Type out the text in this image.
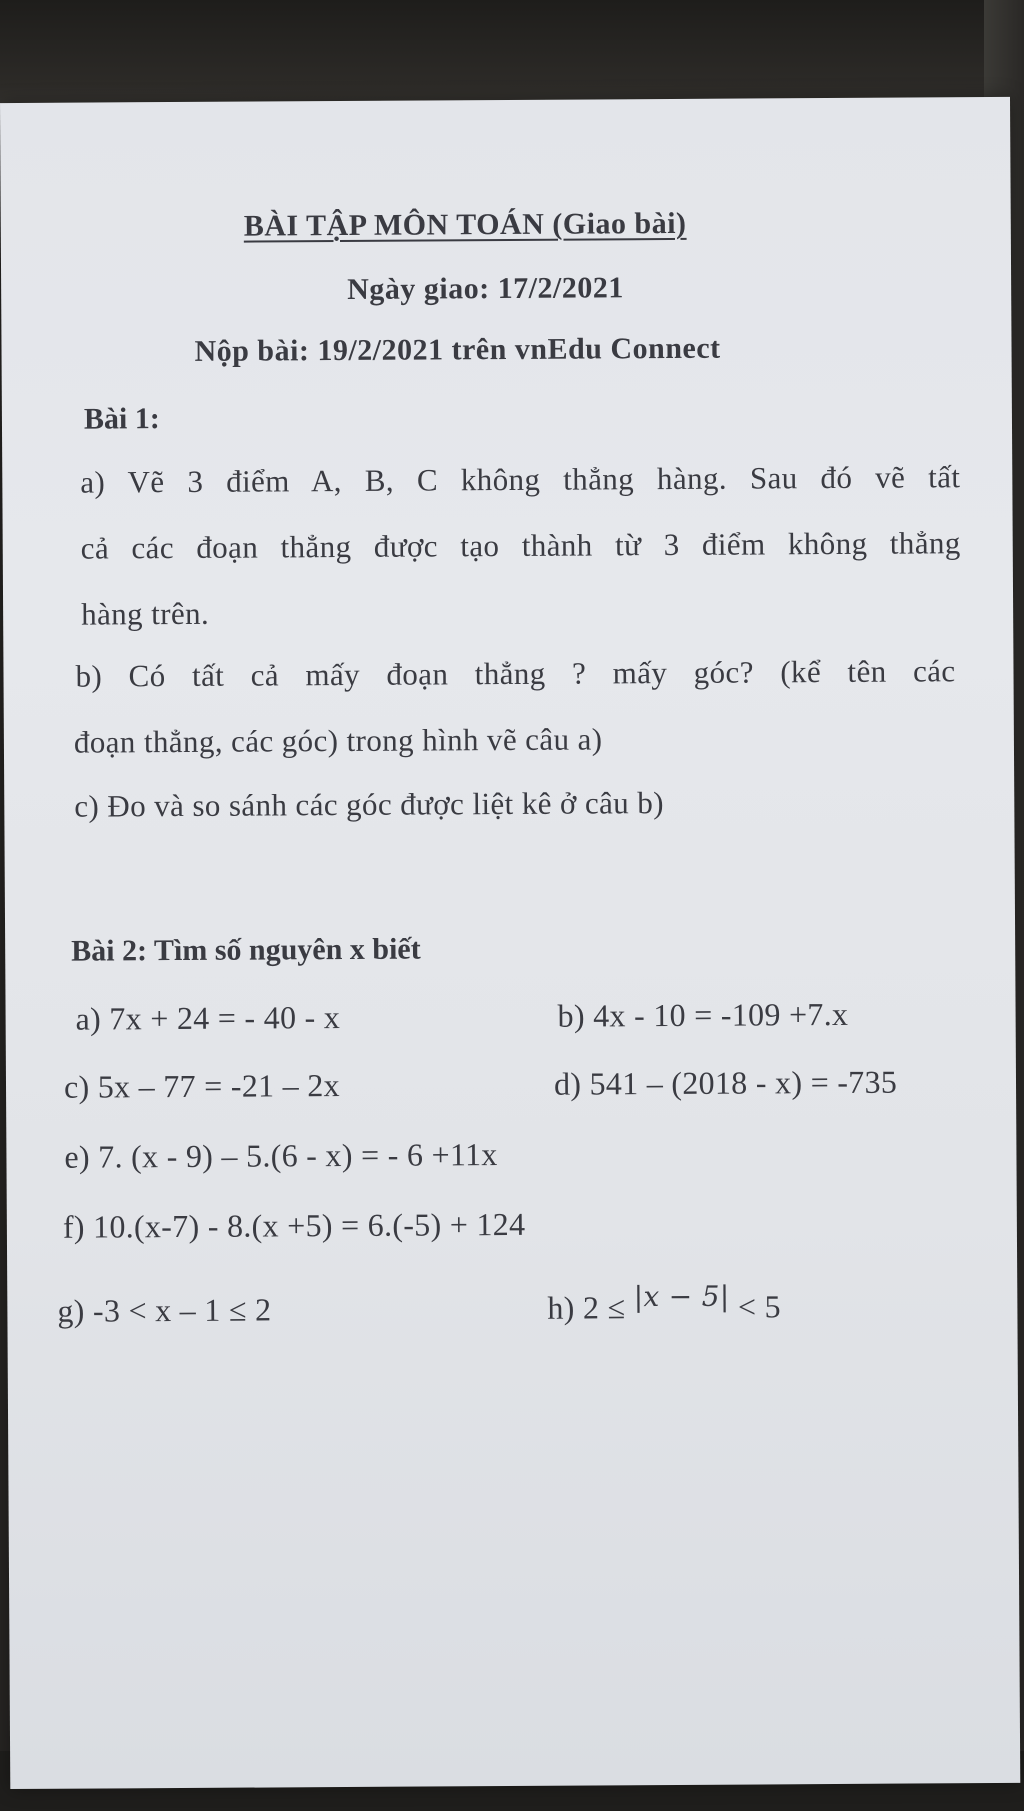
BÀI TẬP MÔN TOÁN (Giao bài)
Ngày giao: 17/2/2021
Nộp bài: 19/2/2021 trên vnEdu Connect
Bài 1:
a) Vẽ 3 điểm A, B, C không thẳng hàng. Sau đó vẽ tất
cả các đoạn thẳng được tạo thành từ 3 điểm không thẳng
hàng trên.
b) Có tất cả mấy đoạn thẳng ? mấy góc? (kể tên các
đoạn thẳng, các góc) trong hình vẽ câu a)
c) Đo và so sánh các góc được liệt kê ở câu b)
Bài 2: Tìm số nguyên x biết
a) 7x + 24 = - 40 - x	b) 4x - 10 = -109 +7.x
c) 5x – 77 = -21 – 2x	d) 541 – (2018 - x) = -735
e) 7. (x - 9) – 5.(6 - x) = - 6 +11x
f) 10.(x-7) - 8.(x +5) = 6.(-5) + 124
g) -3 < x – 1 ≤ 2	h) 2 ≤ |x − 5| < 5
